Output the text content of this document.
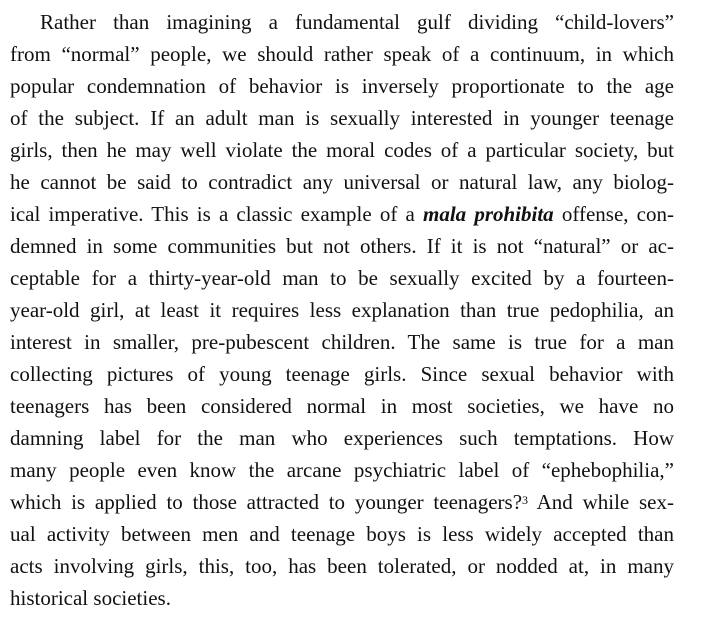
Rather than imagining a fundamental gulf dividing “child-lovers”
from “normal” people, we should rather speak of a continuum, in which
popular condemnation of behavior is inversely proportionate to the age
of the subject. If an adult man is sexually interested in younger teenage
girls, then he may well violate the moral codes of a particular society, but
he cannot be said to contradict any universal or natural law, any biolog-
ical imperative. This is a classic example of a mala prohibita offense, con-
demned in some communities but not others. If it is not “natural” or ac-
ceptable for a thirty-year-old man to be sexually excited by a fourteen-
year-old girl, at least it requires less explanation than true pedophilia, an
interest in smaller, pre-pubescent children. The same is true for a man
collecting pictures of young teenage girls. Since sexual behavior with
teenagers has been considered normal in most societies, we have no
damning label for the man who experiences such temptations. How
many people even know the arcane psychiatric label of “ephebophilia,”
which is applied to those attracted to younger teenagers?$^3$ And while sex-
ual activity between men and teenage boys is less widely accepted than
acts involving girls, this, too, has been tolerated, or nodded at, in many
historical societies.
